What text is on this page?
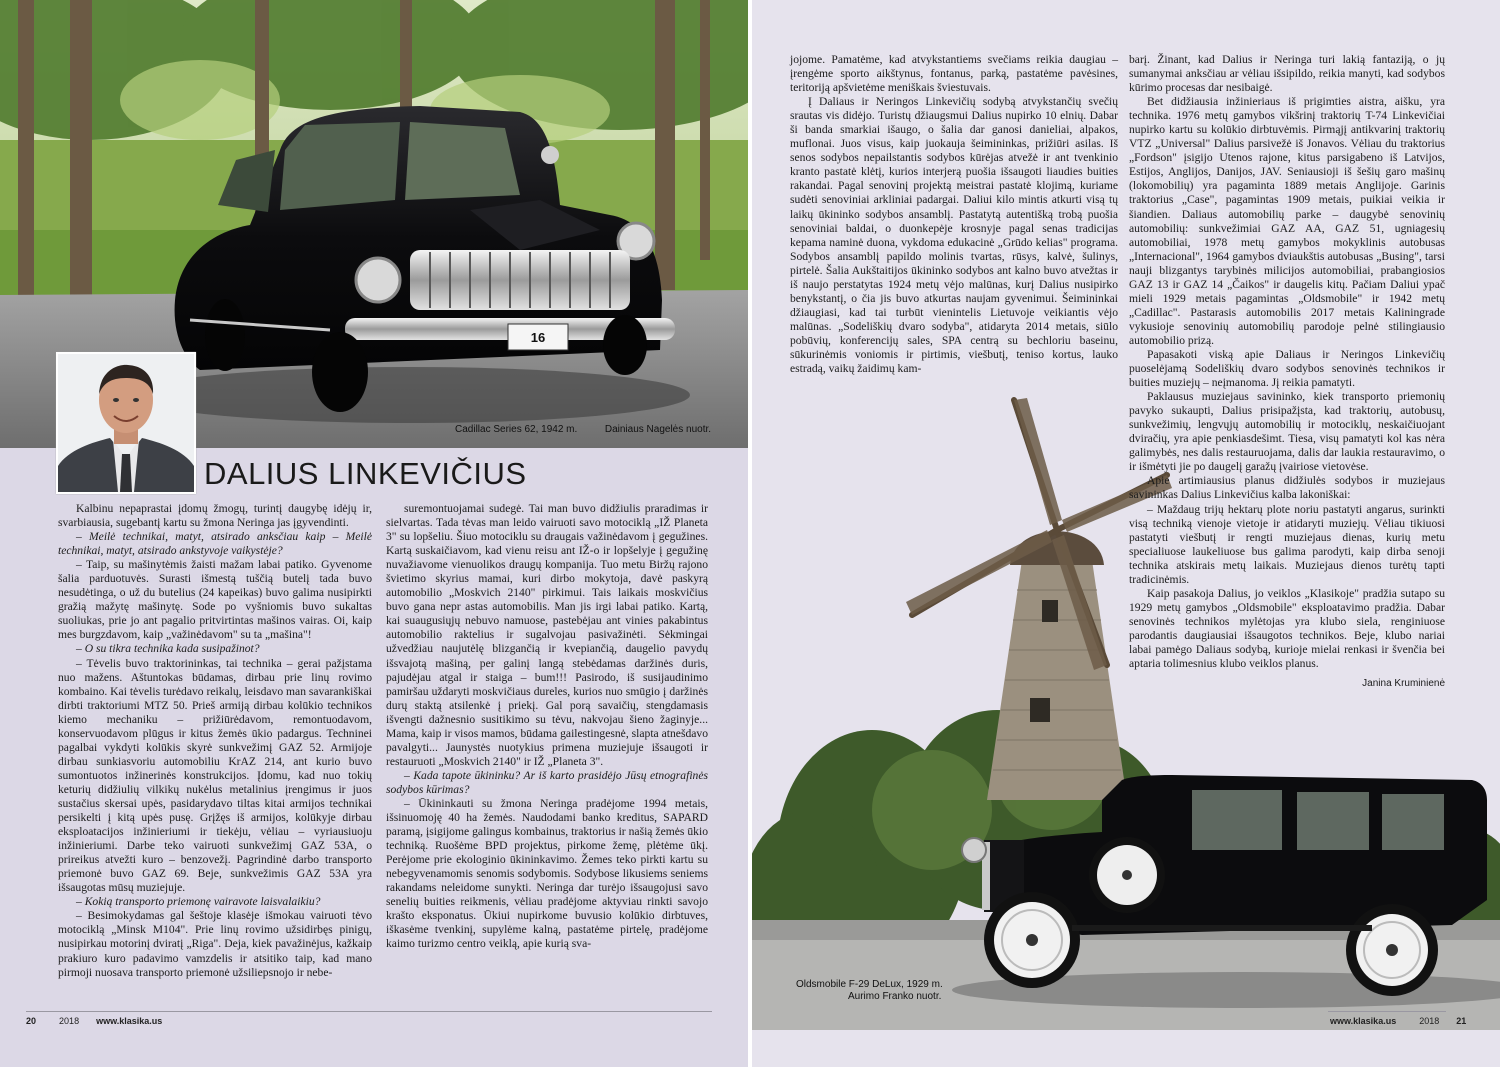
16
Cadillac Series 62, 1942 m.	Dainiaus Nagelės nuotr.
DALIUS LINKEVIČIUS

Kalbinu nepaprastai įdomų žmogų, turintį daugybę idėjų ir, svarbiausia, sugebantį kartu su žmona Neringa jas įgyvendinti.

– Meilė technikai, matyt, atsirado anksčiau kaip – Meilė technikai, matyt, atsirado ankstyvoje vaikystėje?

– Taip, su mašinytėmis žaisti mažam labai patiko. Gyvenome šalia parduotuvės. Surasti išmestą tuščią butelį tada buvo nesudėtinga, o už du butelius (24 kapeikas) buvo galima nusipirkti gražią mažytę mašinytę. Sode po vyšniomis buvo sukaltas suoliukas, prie jo ant pagalio pritvirtintas mašinos vairas. Oi, kaip mes burgzdavom, kaip „važinėdavom" su ta „mašina"!

– O su tikra technika kada susipažinot?

– Tėvelis buvo traktorininkas, tai technika – gerai pažįstama nuo mažens. Aštuntokas būdamas, dirbau prie linų rovimo kombaino. Kai tėvelis turėdavo reikalų, leisdavo man savarankiškai dirbti traktoriumi MTZ 50. Prieš armiją dirbau kolūkio technikos kiemo mechaniku – prižiūrėdavom, remontuodavom, konservuodavom plūgus ir kitus žemės ūkio padargus. Techninei pagalbai vykdyti kolūkis skyrė sunkvežimį GAZ 52. Armijoje dirbau sunkiasvoriu automobiliu KrAZ 214, ant kurio buvo sumontuotos inžinerinės konstrukcijos. Įdomu, kad nuo tokių keturių didžiulių vilkikų nukėlus metalinius įrengimus ir juos sustačius skersai upės, pasidarydavo tiltas kitai armijos technikai persikelti į kitą upės pusę. Grįžęs iš armijos, kolūkyje dirbau eksploatacijos inžinieriumi ir tiekėju, vėliau – vyriausiuoju inžinieriumi. Darbe teko vairuoti sunkvežimį GAZ 53A, o prireikus atvežti kuro – benzovežį. Pagrindinė darbo transporto priemonė buvo GAZ 69. Beje, sunkvežimis GAZ 53A yra išsaugotas mūsų muziejuje.

– Kokią transporto priemonę vairavote laisvalaikiu?

– Besimokydamas gal šeštoje klasėje išmokau vairuoti tėvo motociklą „Minsk M104". Prie linų rovimo užsidirbęs pinigų, nusipirkau motorinį dviratį „Riga". Deja, kiek pavažinėjus, kažkaip prakiuro kuro padavimo vamzdelis ir atsitiko taip, kad mano pirmoji nuosava transporto priemonė užsiliepsnojo ir nebe-

suremontuojamai sudegė. Tai man buvo didžiulis praradimas ir sielvartas. Tada tėvas man leido vairuoti savo motociklą „IŽ Planeta 3" su lopšeliu. Šiuo motociklu su draugais važinėdavom į gegužines. Kartą suskaičiavom, kad vienu reisu ant IŽ-o ir lopšelyje į gegužinę nuvažiavome vienuolikos draugų kompanija. Tuo metu Biržų rajono švietimo skyrius mamai, kuri dirbo mokytoja, davė paskyrą automobilio „Moskvich 2140" pirkimui. Tais laikais moskvičius buvo gana nepr astas automobilis. Man jis irgi labai patiko. Kartą, kai suaugusiųjų nebuvo namuose, pastebėjau ant vinies pakabintus automobilio raktelius ir sugalvojau pasivažinėti. Sėkmingai užvedžiau naujutėlę blizgančią ir kvepiančią, daugelio pavydų išsvajotą mašiną, per galinį langą stebėdamas daržinės duris, pajudėjau atgal ir staiga – bum!!! Pasirodo, iš susijaudinimo pamiršau uždaryti moskvičiaus dureles, kurios nuo smūgio į daržinės durų staktą atsilenkė į priekį. Gal porą savaičių, stengdamasis išvengti dažnesnio susitikimo su tėvu, nakvojau šieno žaginyje... Mama, kaip ir visos mamos, būdama gailestingesnė, slapta atnešdavo pavalgyti... Jaunystės nuotykius primena muziejuje išsaugoti ir restauruoti „Moskvich 2140" ir IŽ „Planeta 3".

– Kada tapote ūkininku? Ar iš karto prasidėjo Jūsų etnografinės sodybos kūrimas?

– Ūkininkauti su žmona Neringa pradėjome 1994 metais, išsinuomoję 40 ha žemės. Naudodami banko kreditus, SAPARD paramą, įsigijome galingus kombainus, traktorius ir našią žemės ūkio techniką. Ruošėme BPD projektus, pirkome žemę, plėtėme ūkį. Perėjome prie ekologinio ūkininkavimo. Žemes teko pirkti kartu su nebegyvenamomis senomis sodybomis. Sodybose likusiems seniems rakandams neleidome sunykti. Neringa dar turėjo išsaugojusi savo senelių buities reikmenis, vėliau pradėjome aktyviau rinkti savojo krašto eksponatus. Ūkiui nupirkome buvusio kolūkio dirbtuves, iškasėme tvenkinį, supylėme kalną, pastatėme pirtelę, pradėjome kaimo turizmo centro veiklą, apie kurią sva-

jojome. Pamatėme, kad atvykstantiems svečiams reikia daugiau – įrengėme sporto aikštynus, fontanus, parką, pastatėme pavėsines, teritoriją apšvietėme meniškais šviestuvais.

Į Daliaus ir Neringos Linkevičių sodybą atvykstančių svečių srautas vis didėjo. Turistų džiaugsmui Dalius nupirko 10 elnių. Dabar ši banda smarkiai išaugo, o šalia dar ganosi danieliai, alpakos, muflonai. Juos visus, kaip juokauja šeimininkas, prižiūri asilas. Iš senos sodybos nepailstantis sodybos kūrėjas atvežė ir ant tvenkinio kranto pastatė klėtį, kurios interjerą puošia išsaugoti liaudies buities rakandai. Pagal senovinį projektą meistrai pastatė klojimą, kuriame sudėti senoviniai arkliniai padargai. Daliui kilo mintis atkurti visą tų laikų ūkininko sodybos ansamblį. Pastatytą autentišką trobą puošia senoviniai baldai, o duonkepėje krosnyje pagal senas tradicijas kepama naminė duona, vykdoma edukacinė „Grūdo kelias" programa. Sodybos ansamblį papildo molinis tvartas, rūsys, kalvė, šulinys, pirtelė. Šalia Aukštaitijos ūkininko sodybos ant kalno buvo atvežtas ir iš naujo perstatytas 1924 metų vėjo malūnas, kurį Dalius nusipirko benykstantį, o čia jis buvo atkurtas naujam gyvenimui. Šeimininkai džiaugiasi, kad tai turbūt vienintelis Lietuvoje veikiantis vėjo malūnas. „Sodeliškių dvaro sodyba", atidaryta 2014 metais, siūlo pobūvių, konferencijų sales, SPA centrą su bechloriu baseinu, sūkurinėmis voniomis ir pirtimis, viešbutį, teniso kortus, lauko estradą, vaikų žaidimų kam-

barį. Žinant, kad Dalius ir Neringa turi lakią fantaziją, o jų sumanymai anksčiau ar vėliau išsipildo, reikia manyti, kad sodybos kūrimo procesas dar nesibaigė.

Bet didžiausia inžinieriaus iš prigimties aistra, aišku, yra technika. 1976 metų gamybos vikšrinį traktorių T-74 Linkevičiai nupirko kartu su kolūkio dirbtuvėmis. Pirmąjį antikvarinį traktorių VTZ „Universal" Dalius parsivežė iš Jonavos. Vėliau du traktorius „Fordson" įsigijo Utenos rajone, kitus parsigabeno iš Latvijos, Estijos, Anglijos, Danijos, JAV. Seniausioji iš šešių garo mašinų (lokomobilių) yra pagaminta 1889 metais Anglijoje. Garinis traktorius „Case", pagamintas 1909 metais, puikiai veikia ir šiandien. Daliaus automobilių parke – daugybė senovinių automobilių: sunkvežimiai GAZ AA, GAZ 51, ugniagesių automobiliai, 1978 metų gamybos mokyklinis autobusas „Internacional", 1964 gamybos dviaukštis autobusas „Busing", tarsi nauji blizgantys tarybinės milicijos automobiliai, prabangiosios GAZ 13 ir GAZ 14 „Čaikos" ir daugelis kitų. Pačiam Daliui ypač mieli 1929 metais pagamintas „Oldsmobile" ir 1942 metų „Cadillac". Pastarasis automobilis 2017 metais Kaliningrade vykusioje senovinių automobilių parodoje pelnė stilingiausio automobilio prizą.

Papasakoti viską apie Daliaus ir Neringos Linkevičių puoselėjamą Sodeliškių dvaro sodybos senovinės technikos ir buities muziejų – neįmanoma. Jį reikia pamatyti.

Paklausus muziejaus savininko, kiek transporto priemonių pavyko sukaupti, Dalius prisipažįsta, kad traktorių, autobusų, sunkvežimių, lengvųjų automobilių ir motociklų, neskaičiuojant dviračių, yra apie penkiasdešimt. Tiesa, visų pamatyti kol kas nėra galimybės, nes dalis restauruojama, dalis dar laukia restauravimo, o ir išmėtyti jie po daugelį garažų įvairiose vietovėse.

Apie artimiausius planus didžiulės sodybos ir muziejaus savininkas Dalius Linkevičius kalba lakoniškai:

– Maždaug trijų hektarų plote noriu pastatyti angarus, surinkti visą techniką vienoje vietoje ir atidaryti muziejų. Vėliau tikiuosi pastatyti viešbutį ir rengti muziejaus dienas, kurių metu specialiuose laukeliuose bus galima parodyti, kaip dirba senoji technika atskirais metų laikais. Muziejaus dienos turėtų tapti tradicinėmis.

Kaip pasakoja Dalius, jo veiklos „Klasikoje" pradžia sutapo su 1929 metų gamybos „Oldsmobile" eksploatavimo pradžia. Dabar senovinės technikos mylėtojas yra klubo siela, renginiuose parodantis daugiausiai išsaugotos technikos. Beje, klubo nariai labai pamėgo Daliaus sodybą, kurioje mielai renkasi ir švenčia bei aptaria tolimesnius klubo veiklos planus.

Janina Kruminienė

Oldsmobile F-29 DeLux, 1929 m.
Aurimo Franko nuotr.
20	2018 www.klasika.us	www.klasika.us	2018 21
